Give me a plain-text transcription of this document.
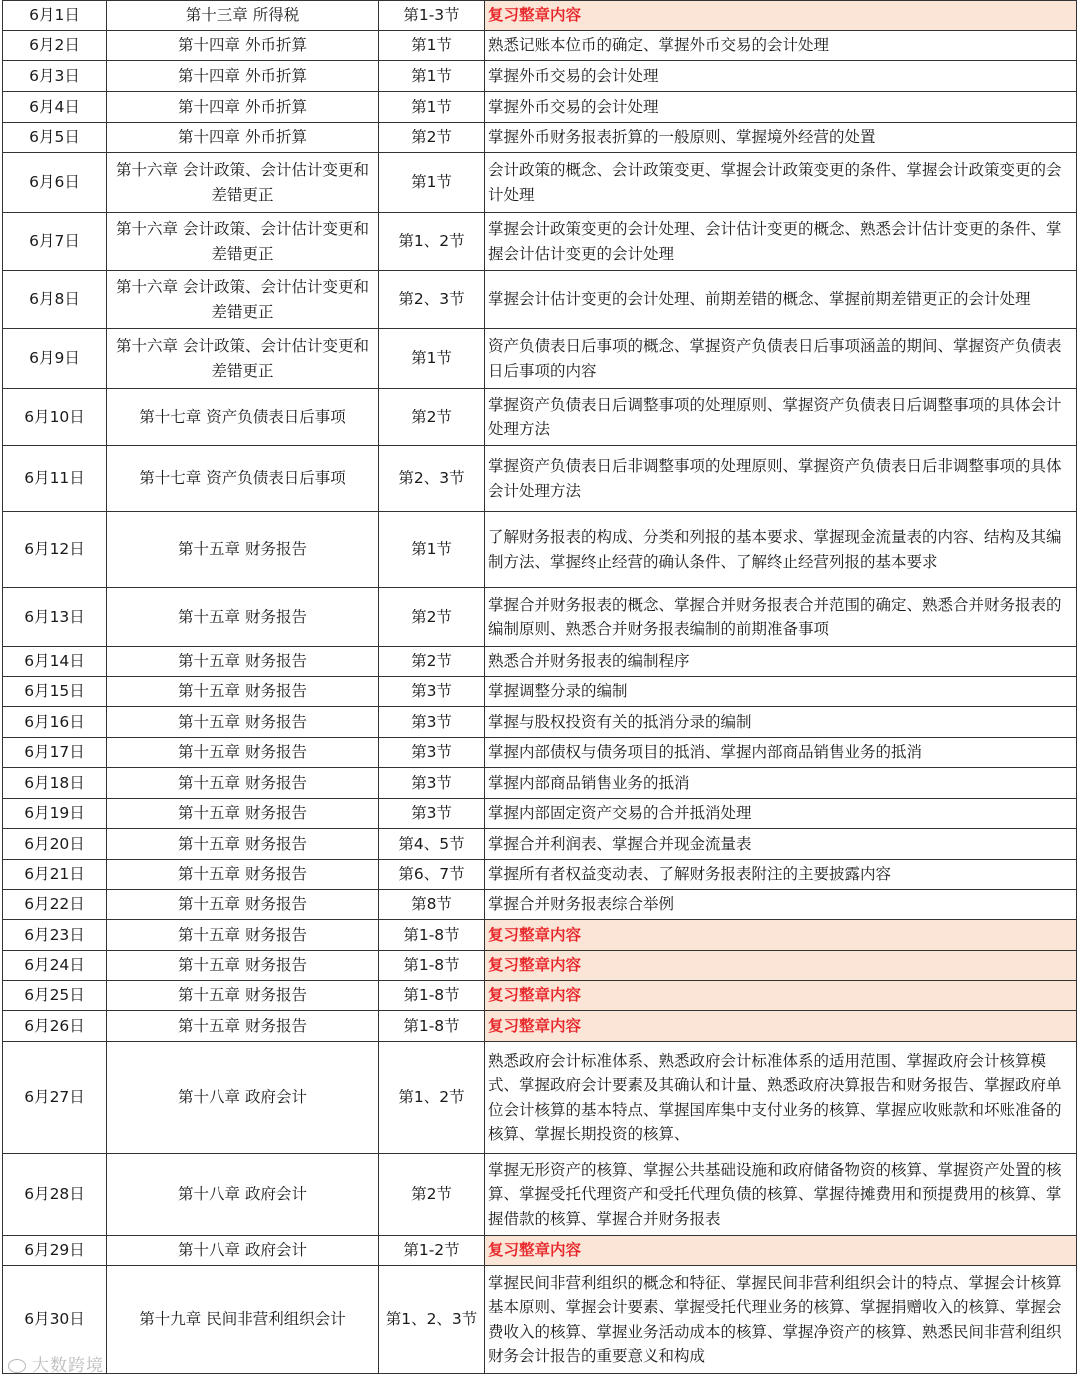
6月1日	第十三章 所得税	第1-3节	复习整章内容
6月2日	第十四章 外币折算	第1节	熟悉记账本位币的确定、掌握外币交易的会计处理
6月3日	第十四章 外币折算	第1节	掌握外币交易的会计处理
6月4日	第十四章 外币折算	第1节	掌握外币交易的会计处理
6月5日	第十四章 外币折算	第2节	掌握外币财务报表折算的一般原则、掌握境外经营的处置
6月6日	第十六章 会计政策、会计估计变更和差错更正	第1节	会计政策的概念、会计政策变更、掌握会计政策变更的条件、掌握会计政策变更的会计处理
6月7日	第十六章 会计政策、会计估计变更和差错更正	第1、2节	掌握会计政策变更的会计处理、会计估计变更的概念、熟悉会计估计变更的条件、掌握会计估计变更的会计处理
6月8日	第十六章 会计政策、会计估计变更和差错更正	第2、3节	掌握会计估计变更的会计处理、前期差错的概念、掌握前期差错更正的会计处理
6月9日	第十六章 会计政策、会计估计变更和差错更正	第1节	资产负债表日后事项的概念、掌握资产负债表日后事项涵盖的期间、掌握资产负债表日后事项的内容
6月10日	第十七章 资产负债表日后事项	第2节	掌握资产负债表日后调整事项的处理原则、掌握资产负债表日后调整事项的具体会计处理方法
6月11日	第十七章 资产负债表日后事项	第2、3节	掌握资产负债表日后非调整事项的处理原则、掌握资产负债表日后非调整事项的具体会计处理方法
6月12日	第十五章 财务报告	第1节	了解财务报表的构成、分类和列报的基本要求、掌握现金流量表的内容、结构及其编制方法、掌握终止经营的确认条件、了解终止经营列报的基本要求
6月13日	第十五章 财务报告	第2节	掌握合并财务报表的概念、掌握合并财务报表合并范围的确定、熟悉合并财务报表的编制原则、熟悉合并财务报表编制的前期准备事项
6月14日	第十五章 财务报告	第2节	熟悉合并财务报表的编制程序
6月15日	第十五章 财务报告	第3节	掌握调整分录的编制
6月16日	第十五章 财务报告	第3节	掌握与股权投资有关的抵消分录的编制
6月17日	第十五章 财务报告	第3节	掌握内部债权与债务项目的抵消、掌握内部商品销售业务的抵消
6月18日	第十五章 财务报告	第3节	掌握内部商品销售业务的抵消
6月19日	第十五章 财务报告	第3节	掌握内部固定资产交易的合并抵消处理
6月20日	第十五章 财务报告	第4、5节	掌握合并利润表、掌握合并现金流量表
6月21日	第十五章 财务报告	第6、7节	掌握所有者权益变动表、了解财务报表附注的主要披露内容
6月22日	第十五章 财务报告	第8节	掌握合并财务报表综合举例
6月23日	第十五章 财务报告	第1-8节	复习整章内容
6月24日	第十五章 财务报告	第1-8节	复习整章内容
6月25日	第十五章 财务报告	第1-8节	复习整章内容
6月26日	第十五章 财务报告	第1-8节	复习整章内容
6月27日	第十八章 政府会计	第1、2节	熟悉政府会计标准体系、熟悉政府会计标准体系的适用范围、掌握政府会计核算模式、掌握政府会计要素及其确认和计量、熟悉政府决算报告和财务报告、掌握政府单位会计核算的基本特点、掌握国库集中支付业务的核算、掌握应收账款和坏账准备的核算、掌握长期投资的核算、
6月28日	第十八章 政府会计	第2节	掌握无形资产的核算、掌握公共基础设施和政府储备物资的核算、掌握资产处置的核算、掌握受托代理资产和受托代理负债的核算、掌握待摊费用和预提费用的核算、掌握借款的核算、掌握合并财务报表
6月29日	第十八章 政府会计	第1-2节	复习整章内容
6月30日	第十九章 民间非营利组织会计	第1、2、3节	掌握民间非营利组织的概念和特征、掌握民间非营利组织会计的特点、掌握会计核算基本原则、掌握会计要素、掌握受托代理业务的核算、掌握捐赠收入的核算、掌握会费收入的核算、掌握业务活动成本的核算、掌握净资产的核算、熟悉民间非营利组织财务会计报告的重要意义和构成
大数跨境
